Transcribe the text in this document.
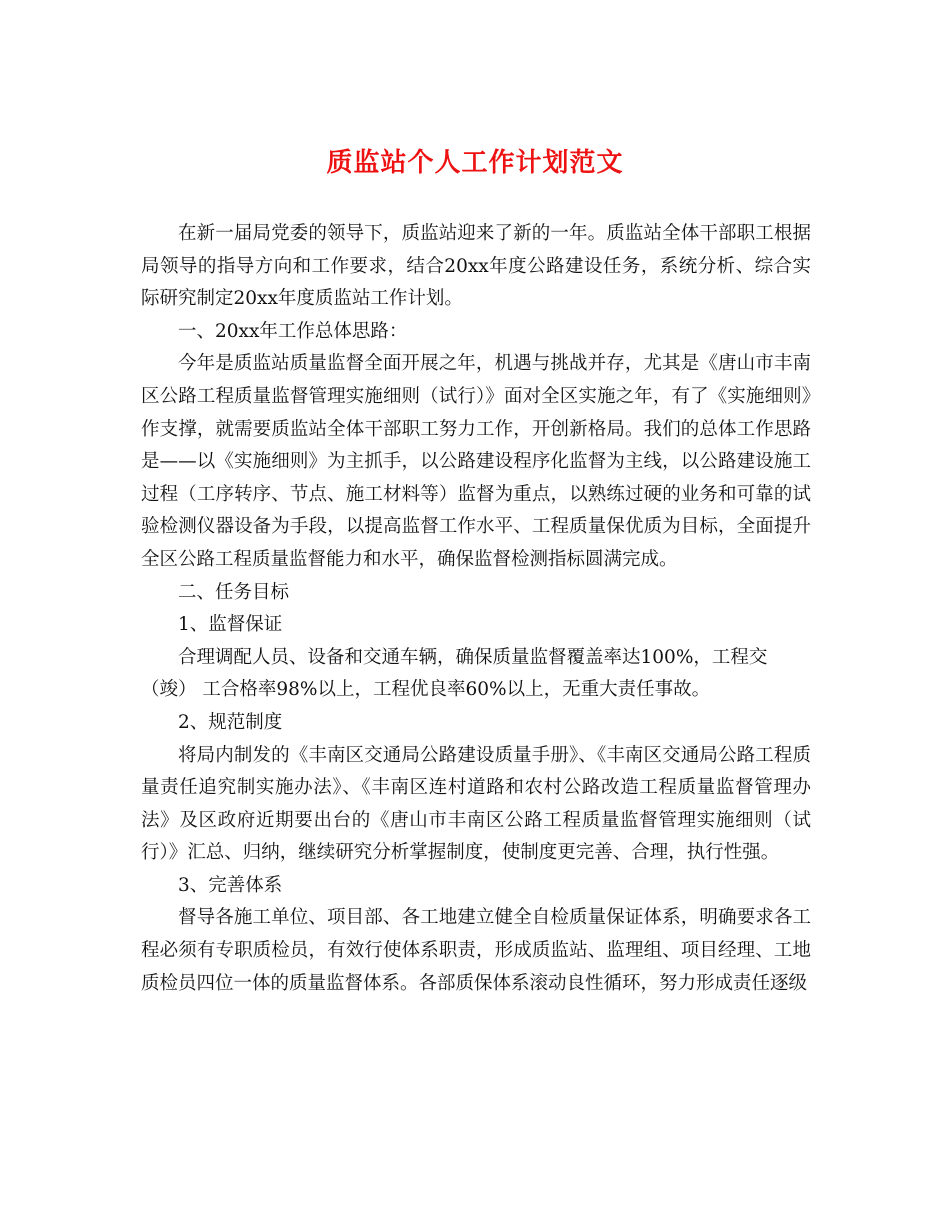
质监站个人工作计划范文

在新一届局党委的领导下，质监站迎来了新的一年。质监站全体干部职工根据局领导的指导方向和工作要求，结合20xx年度公路建设任务，系统分析、综合实际研究制定20xx年度质监站工作计划。

一、20xx年工作总体思路：

今年是质监站质量监督全面开展之年，机遇与挑战并存，尤其是《唐山市丰南区公路工程质量监督管理实施细则（试行）》面对全区实施之年，有了《实施细则》作支撑，就需要质监站全体干部职工努力工作，开创新格局。我们的总体工作思路是——以《实施细则》为主抓手，以公路建设程序化监督为主线，以公路建设施工过程（工序转序、节点、施工材料等）监督为重点，以熟练过硬的业务和可靠的试验检测仪器设备为手段，以提高监督工作水平、工程质量保优质为目标，全面提升全区公路工程质量监督能力和水平，确保监督检测指标圆满完成。

二、任务目标

1、监督保证

合理调配人员、设备和交通车辆，确保质量监督覆盖率达100%，工程交

（竣） 工合格率98%以上，工程优良率60%以上，无重大责任事故。

2、规范制度

将局内制发的《丰南区交通局公路建设质量手册》、《丰南区交通局公路工程质量责任追究制实施办法》、《丰南区连村道路和农村公路改造工程质量监督管理办法》及区政府近期要出台的《唐山市丰南区公路工程质量监督管理实施细则（试行）》汇总、归纳，继续研究分析掌握制度，使制度更完善、合理，执行性强。

3、完善体系

督导各施工单位、项目部、各工地建立健全自检质量保证体系，明确要求各工程必须有专职质检员，有效行使体系职责，形成质监站、监理组、项目经理、工地质检员四位一体的质量监督体系。各部质保体系滚动良性循环，努力形成责任逐级
